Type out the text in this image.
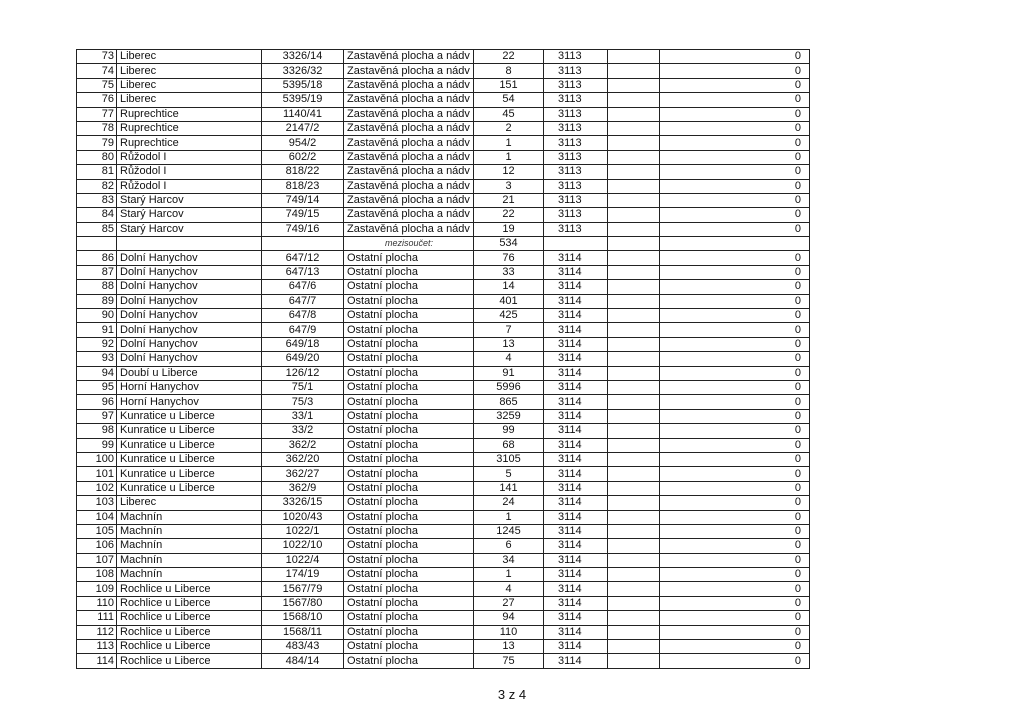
73	Liberec	3326/14	Zastavěná plocha a nádv	22	3113		0
74	Liberec	3326/32	Zastavěná plocha a nádv	8	3113		0
75	Liberec	5395/18	Zastavěná plocha a nádv	151	3113		0
76	Liberec	5395/19	Zastavěná plocha a nádv	54	3113		0
77	Ruprechtice	1140/41	Zastavěná plocha a nádv	45	3113		0
78	Ruprechtice	2147/2	Zastavěná plocha a nádv	2	3113		0
79	Ruprechtice	954/2	Zastavěná plocha a nádv	1	3113		0
80	Růžodol I	602/2	Zastavěná plocha a nádv	1	3113		0
81	Růžodol I	818/22	Zastavěná plocha a nádv	12	3113		0
82	Růžodol I	818/23	Zastavěná plocha a nádv	3	3113		0
83	Starý Harcov	749/14	Zastavěná plocha a nádv	21	3113		0
84	Starý Harcov	749/15	Zastavěná plocha a nádv	22	3113		0
85	Starý Harcov	749/16	Zastavěná plocha a nádv	19	3113		0
			mezisoučet:	534			
86	Dolní Hanychov	647/12	Ostatní plocha	76	3114		0
87	Dolní Hanychov	647/13	Ostatní plocha	33	3114		0
88	Dolní Hanychov	647/6	Ostatní plocha	14	3114		0
89	Dolní Hanychov	647/7	Ostatní plocha	401	3114		0
90	Dolní Hanychov	647/8	Ostatní plocha	425	3114		0
91	Dolní Hanychov	647/9	Ostatní plocha	7	3114		0
92	Dolní Hanychov	649/18	Ostatní plocha	13	3114		0
93	Dolní Hanychov	649/20	Ostatní plocha	4	3114		0
94	Doubí u Liberce	126/12	Ostatní plocha	91	3114		0
95	Horní Hanychov	75/1	Ostatní plocha	5996	3114		0
96	Horní Hanychov	75/3	Ostatní plocha	865	3114		0
97	Kunratice u Liberce	33/1	Ostatní plocha	3259	3114		0
98	Kunratice u Liberce	33/2	Ostatní plocha	99	3114		0
99	Kunratice u Liberce	362/2	Ostatní plocha	68	3114		0
100	Kunratice u Liberce	362/20	Ostatní plocha	3105	3114		0
101	Kunratice u Liberce	362/27	Ostatní plocha	5	3114		0
102	Kunratice u Liberce	362/9	Ostatní plocha	141	3114		0
103	Liberec	3326/15	Ostatní plocha	24	3114		0
104	Machnín	1020/43	Ostatní plocha	1	3114		0
105	Machnín	1022/1	Ostatní plocha	1245	3114		0
106	Machnín	1022/10	Ostatní plocha	6	3114		0
107	Machnín	1022/4	Ostatní plocha	34	3114		0
108	Machnín	174/19	Ostatní plocha	1	3114		0
109	Rochlice u Liberce	1567/79	Ostatní plocha	4	3114		0
110	Rochlice u Liberce	1567/80	Ostatní plocha	27	3114		0
111	Rochlice u Liberce	1568/10	Ostatní plocha	94	3114		0
112	Rochlice u Liberce	1568/11	Ostatní plocha	110	3114		0
113	Rochlice u Liberce	483/43	Ostatní plocha	13	3114		0
114	Rochlice u Liberce	484/14	Ostatní plocha	75	3114		0
3 z 4
